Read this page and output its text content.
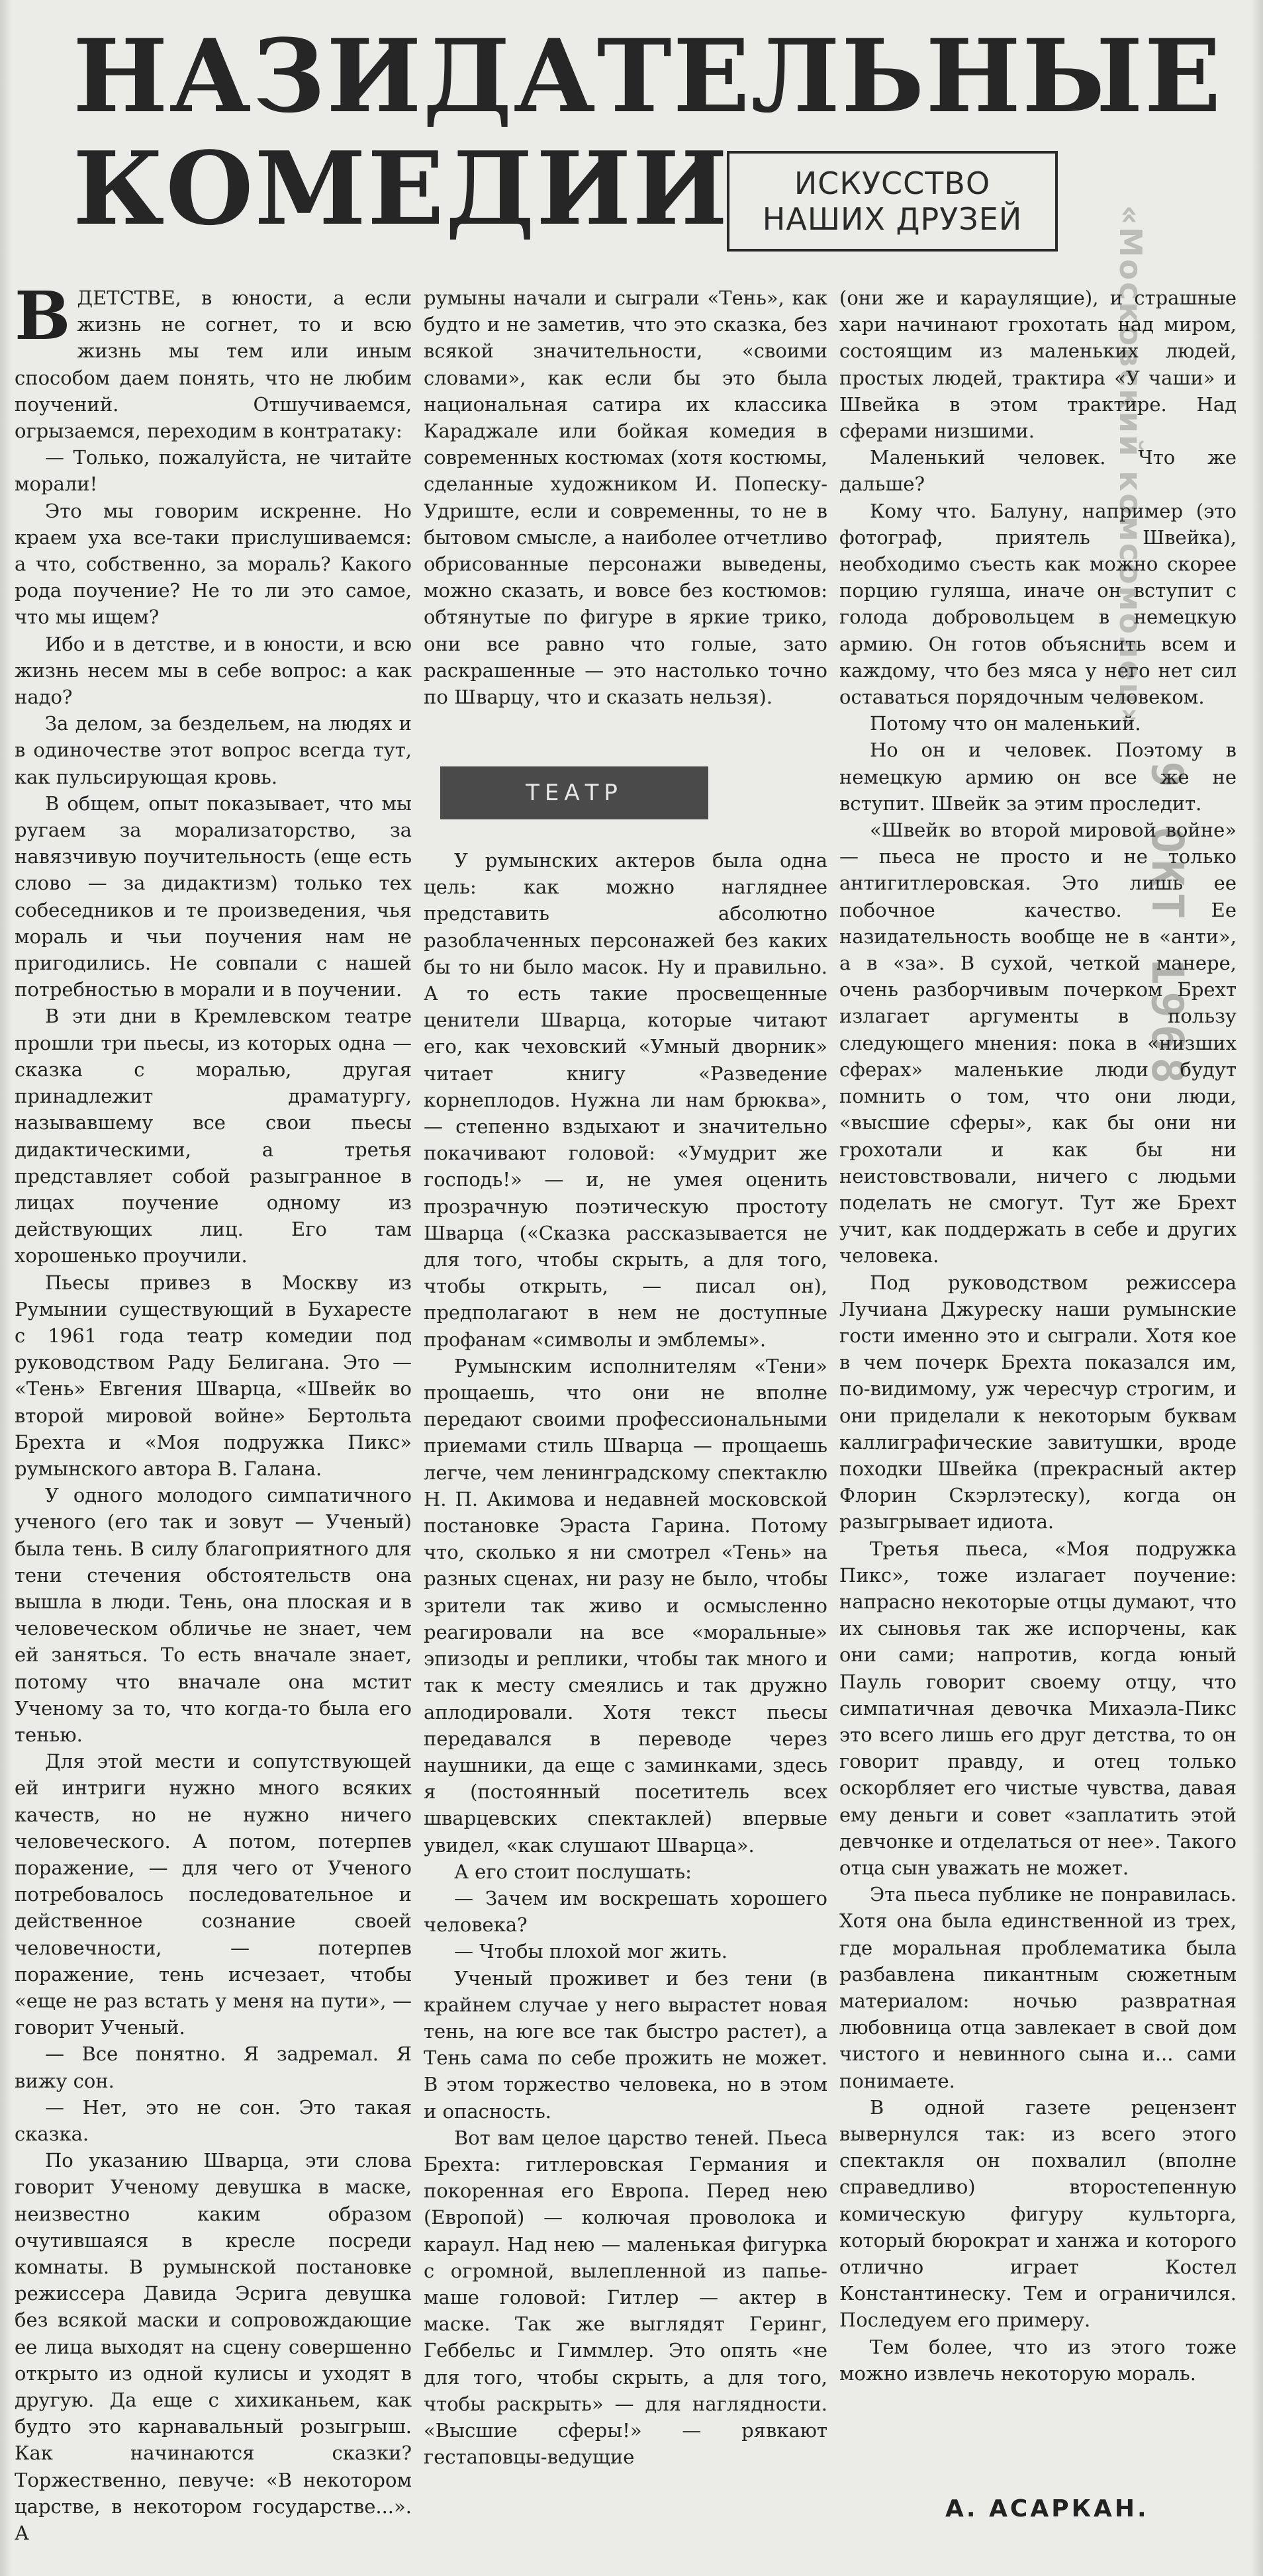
НАЗИДАТЕЛЬНЫЕ
КОМЕДИИ	ИСКУССТВО
НАШИХ ДРУЗЕЙ	«Московский комсомолец»
9 ОКТ 1968

ВДЕТСТВЕ, в юности, а если жизнь не согнет, то и всю жизнь мы тем или иным способом даем понять, что не любим поучений. Отшучиваемся, огрызаемся, переходим в контратаку:

— Только, пожалуйста, не читайте морали!

Это мы говорим искренне. Но краем уха все-таки прислушиваемся: а что, собственно, за мораль? Какого рода поучение? Не то ли это самое, что мы ищем?

Ибо и в детстве, и в юности, и всю жизнь несем мы в себе вопрос: а как надо?

За делом, за бездельем, на людях и в одиночестве этот вопрос всегда тут, как пульсирующая кровь.

В общем, опыт показывает, что мы ругаем за морализаторство, за навязчивую поучительность (еще есть слово — за дидактизм) только тех собеседников и те произведения, чья мораль и чьи поучения нам не пригодились. Не совпали с нашей потребностью в морали и в поучении.

В эти дни в Кремлевском театре прошли три пьесы, из которых одна — сказка с моралью, другая принадлежит драматургу, называвшему все свои пьесы дидактическими, а третья представляет собой разыгранное в лицах поучение одному из действующих лиц. Его там хорошенько проучили.

Пьесы привез в Москву из Румынии существующий в Бухаресте с 1961 года театр комедии под руководством Раду Белигана. Это — «Тень» Евгения Шварца, «Швейк во второй мировой войне» Бертольта Брехта и «Моя подружка Пикс» румынского автора В. Галана.

У одного молодого симпатичного ученого (его так и зовут — Ученый) была тень. В силу благоприятного для тени стечения обстоятельств она вышла в люди. Тень, она плоская и в человеческом обличье не знает, чем ей заняться. То есть вначале знает, потому что вначале она мстит Ученому за то, что когда-то была его тенью.

Для этой мести и сопутствующей ей интриги нужно много всяких качеств, но не нужно ничего человеческого. А потом, потерпев поражение, — для чего от Ученого потребовалось последовательное и действенное сознание своей человечности, — потерпев поражение, тень исчезает, чтобы «еще не раз встать у меня на пути», — говорит Ученый.

— Все понятно. Я задремал. Я вижу сон.

— Нет, это не сон. Это такая сказка.

По указанию Шварца, эти слова говорит Ученому девушка в маске, неизвестно каким образом очутившаяся в кресле посреди комнаты. В румынской постановке режиссера Давида Эсрига девушка без всякой маски и сопровождающие ее лица выходят на сцену совершенно открыто из одной кулисы и уходят в другую. Да еще с хихиканьем, как будто это карнавальный розыгрыш. Как начинаются сказки? Торжественно, певуче: «В некотором царстве, в некотором государстве...». А

румыны начали и сыграли «Тень», как будто и не заметив, что это сказка, без всякой значительности, «своими словами», как если бы это была национальная сатира их классика Караджале или бойкая комедия в современных костюмах (хотя костюмы, сделанные художником И. Попеску-Удриште, если и современны, то не в бытовом смысле, а наиболее отчетливо обрисованные персонажи выведены, можно сказать, и вовсе без костюмов: обтянутые по фигуре в яркие трико, они все равно что голые, зато раскрашенные — это настолько точно по Шварцу, что и сказать нельзя).

ТЕАТР

У румынских актеров была одна цель: как можно нагляднее представить абсолютно разоблаченных персонажей без каких бы то ни было масок. Ну и правильно. А то есть такие просвещенные ценители Шварца, которые читают его, как чеховский «Умный дворник» читает книгу «Разведение корнеплодов. Нужна ли нам брюква», — степенно вздыхают и значительно покачивают головой: «Умудрит же господь!» — и, не умея оценить прозрачную поэтическую простоту Шварца («Сказка рассказывается не для того, чтобы скрыть, а для того, чтобы открыть, — писал он), предполагают в нем не доступные профанам «символы и эмблемы».

Румынским исполнителям «Тени» прощаешь, что они не вполне передают своими профессиональными приемами стиль Шварца — прощаешь легче, чем ленинградскому спектаклю Н. П. Акимова и недавней московской постановке Эраста Гарина. Потому что, сколько я ни смотрел «Тень» на разных сценах, ни разу не было, чтобы зрители так живо и осмысленно реагировали на все «моральные» эпизоды и реплики, чтобы так много и так к месту смеялись и так дружно аплодировали. Хотя текст пьесы передавался в переводе через наушники, да еще с заминками, здесь я (постоянный посетитель всех шварцевских спектаклей) впервые увидел, «как слушают Шварца».

А его стоит послушать:

— Зачем им воскрешать хорошего человека?

— Чтобы плохой мог жить.

Ученый проживет и без тени (в крайнем случае у него вырастет новая тень, на юге все так быстро растет), а Тень сама по себе прожить не может. В этом торжество человека, но в этом и опасность.

Вот вам целое царство теней. Пьеса Брехта: гитлеровская Германия и покоренная его Европа. Перед нею (Европой) — колючая проволока и караул. Над нею — маленькая фигурка с огромной, вылепленной из папье-маше головой: Гитлер — актер в маске. Так же выглядят Геринг, Геббельс и Гиммлер. Это опять «не для того, чтобы скрыть, а для того, чтобы раскрыть» — для наглядности. «Высшие сферы!» — рявкают гестаповцы-ведущие

(они же и караулящие), и страшные хари начинают грохотать над миром, состоящим из маленьких людей, простых людей, трактира «У чаши» и Швейка в этом трактире. Над сферами низшими.

Маленький человек. Что же дальше?

Кому что. Балуну, например (это фотограф, приятель Швейка), необходимо съесть как можно скорее порцию гуляша, иначе он вступит с голода добровольцем в немецкую армию. Он готов объяснить всем и каждому, что без мяса у него нет сил оставаться порядочным человеком.

Потому что он маленький.

Но он и человек. Поэтому в немецкую армию он все же не вступит. Швейк за этим проследит.

«Швейк во второй мировой войне» — пьеса не просто и не только антигитлеровская. Это лишь ее побочное качество. Ее назидательность вообще не в «анти», а в «за». В сухой, четкой манере, очень разборчивым почерком Брехт излагает аргументы в пользу следующего мнения: пока в «низших сферах» маленькие люди будут помнить о том, что они люди, «высшие сферы», как бы они ни грохотали и как бы ни неистовствовали, ничего с людьми поделать не смогут. Тут же Брехт учит, как поддержать в себе и других человека.

Под руководством режиссера Лучиана Джуреску наши румынские гости именно это и сыграли. Хотя кое в чем почерк Брехта показался им, по-видимому, уж чересчур строгим, и они приделали к некоторым буквам каллиграфические завитушки, вроде походки Швейка (прекрасный актер Флорин Скэрлэтеску), когда он разыгрывает идиота.

Третья пьеса, «Моя подружка Пикс», тоже излагает поучение: напрасно некоторые отцы думают, что их сыновья так же испорчены, как они сами; напротив, когда юный Пауль говорит своему отцу, что симпатичная девочка Михаэла-Пикс это всего лишь его друг детства, то он говорит правду, и отец только оскорбляет его чистые чувства, давая ему деньги и совет «заплатить этой девчонке и отделаться от нее». Такого отца сын уважать не может.

Эта пьеса публике не понравилась. Хотя она была единственной из трех, где моральная проблематика была разбавлена пикантным сюжетным материалом: ночью развратная любовница отца завлекает в свой дом чистого и невинного сына и... сами понимаете.

В одной газете рецензент вывернулся так: из всего этого спектакля он похвалил (вполне справедливо) второстепенную комическую фигуру культорга, который бюрократ и ханжа и которого отлично играет Костел Константинеску. Тем и ограничился. Последуем его примеру.

Тем более, что из этого тоже можно извлечь некоторую мораль.

А. АСАРКАН.
